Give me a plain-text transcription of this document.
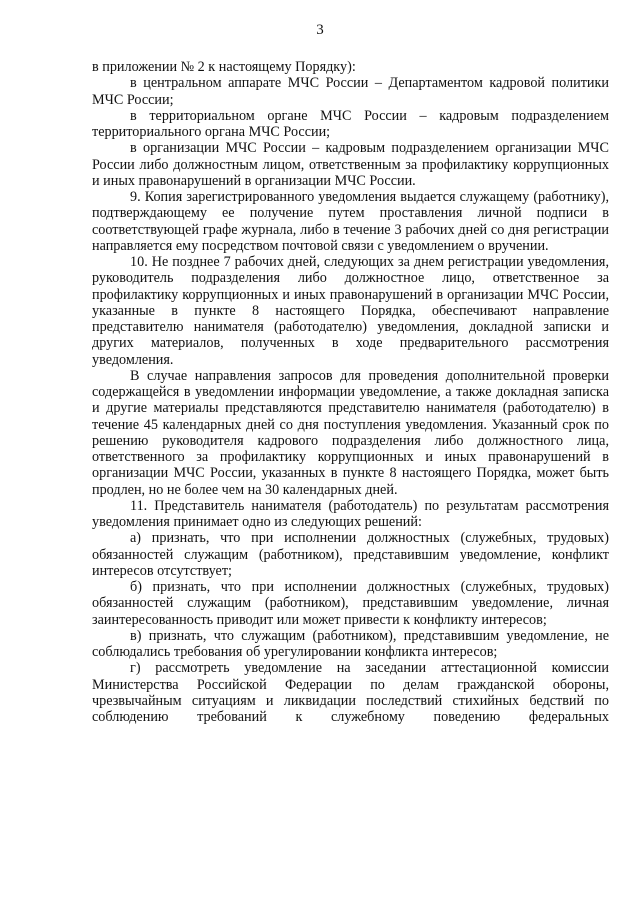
3

в приложении № 2 к настоящему Порядку):

в центральном аппарате МЧС России – Департаментом кадровой политики МЧС России;

в территориальном органе МЧС России – кадровым подразделением территориального органа МЧС России;

в организации МЧС России – кадровым подразделением организации МЧС России либо должностным лицом, ответственным за профилактику коррупционных и иных правонарушений в организации МЧС России.

9. Копия зарегистрированного уведомления выдается служащему (работнику), подтверждающему ее получение путем проставления личной подписи в соответствующей графе журнала, либо в течение 3 рабочих дней со дня регистрации направляется ему посредством почтовой связи с уведомлением о вручении.

10. Не позднее 7 рабочих дней, следующих за днем регистрации уведомления, руководитель подразделения либо должностное лицо, ответственное за профилактику коррупционных и иных правонарушений в организации МЧС России, указанные в пункте 8 настоящего Порядка, обеспечивают направление представителю нанимателя (работодателю) уведомления, докладной записки и других материалов, полученных в ходе предварительного рассмотрения уведомления.

В случае направления запросов для проведения дополнительной проверки содержащейся в уведомлении информации уведомление, а также докладная записка и другие материалы представляются представителю нанимателя (работодателю) в течение 45 календарных дней со дня поступления уведомления. Указанный срок по решению руководителя кадрового подразделения либо должностного лица, ответственного за профилактику коррупционных и иных правонарушений в организации МЧС России, указанных в пункте 8 настоящего Порядка, может быть продлен, но не более чем на 30 календарных дней.

11. Представитель нанимателя (работодатель) по результатам рассмотрения уведомления принимает одно из следующих решений:

а) признать, что при исполнении должностных (служебных, трудовых) обязанностей служащим (работником), представившим уведомление, конфликт интересов отсутствует;

б) признать, что при исполнении должностных (служебных, трудовых) обязанностей служащим (работником), представившим уведомление, личная заинтересованность приводит или может привести к конфликту интересов;

в) признать, что служащим (работником), представившим уведомление, не соблюдались требования об урегулировании конфликта интересов;

г) рассмотреть уведомление на заседании аттестационной комиссии Министерства Российской Федерации по делам гражданской обороны, чрезвычайным ситуациям и ликвидации последствий стихийных бедствий по соблюдению требований к служебному поведению федеральных
